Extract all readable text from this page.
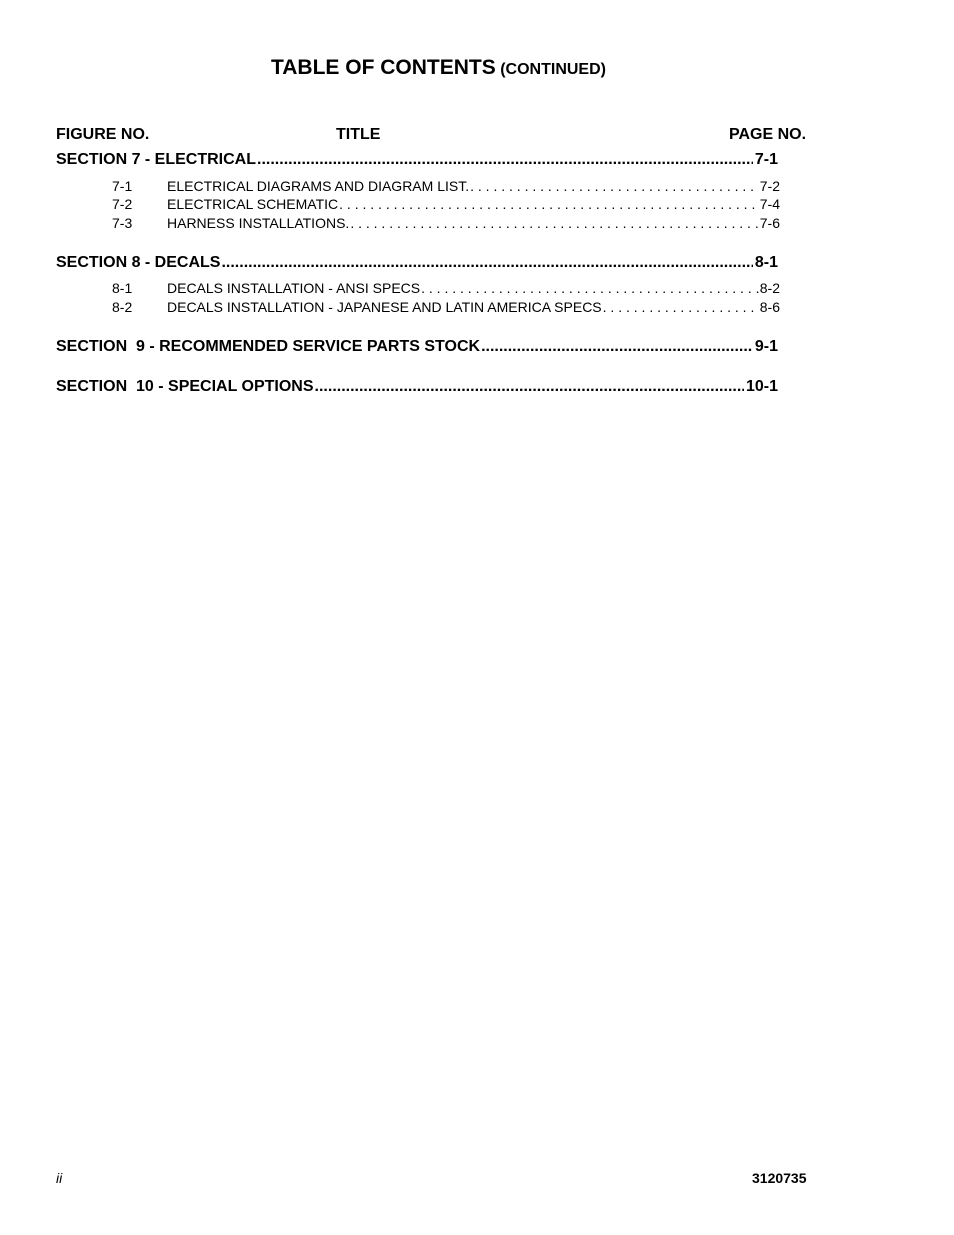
TABLE OF CONTENTS (CONTINUED)
FIGURE NO.	TITLE	PAGE NO.
SECTION 7 - ELECTRICAL .....	7-1
7-1	ELECTRICAL DIAGRAMS AND DIAGRAM LIST. . . .	7-2
7-2	ELECTRICAL SCHEMATIC . . .	7-4
7-3	HARNESS INSTALLATIONS. . . .	7-6
SECTION 8 - DECALS .....	8-1
8-1	DECALS INSTALLATION - ANSI SPECS . . .	8-2
8-2	DECALS INSTALLATION - JAPANESE AND LATIN AMERICA SPECS . . .	8-6
SECTION  9 - RECOMMENDED SERVICE PARTS STOCK .....	9-1
SECTION  10 - SPECIAL OPTIONS .....	10-1
ii	3120735
